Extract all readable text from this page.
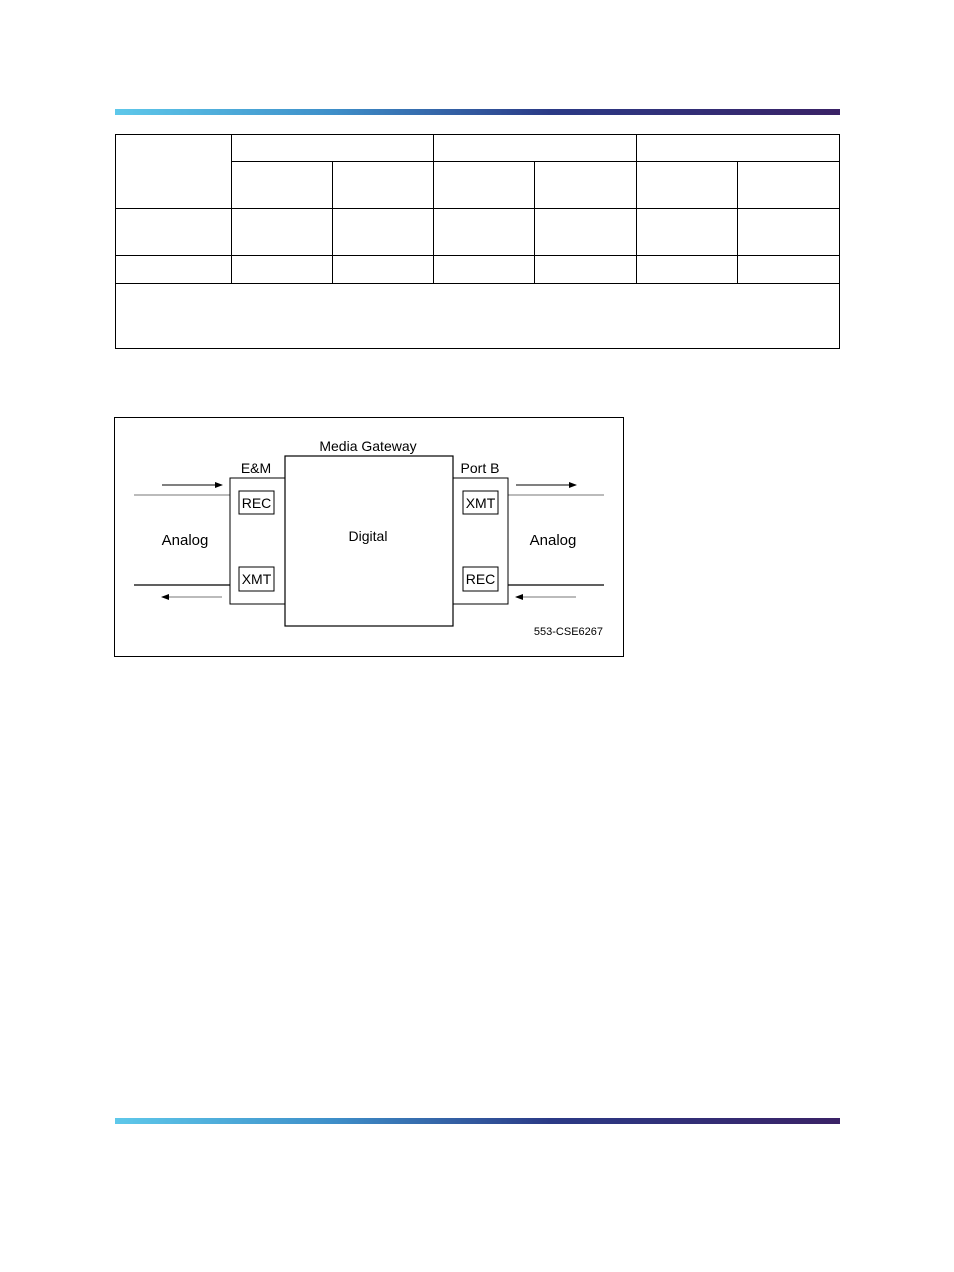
Media Gateway
E&M	Port B
Digital
Analog	Analog
REC
XMT
XMT
REC
553-CSE6267
